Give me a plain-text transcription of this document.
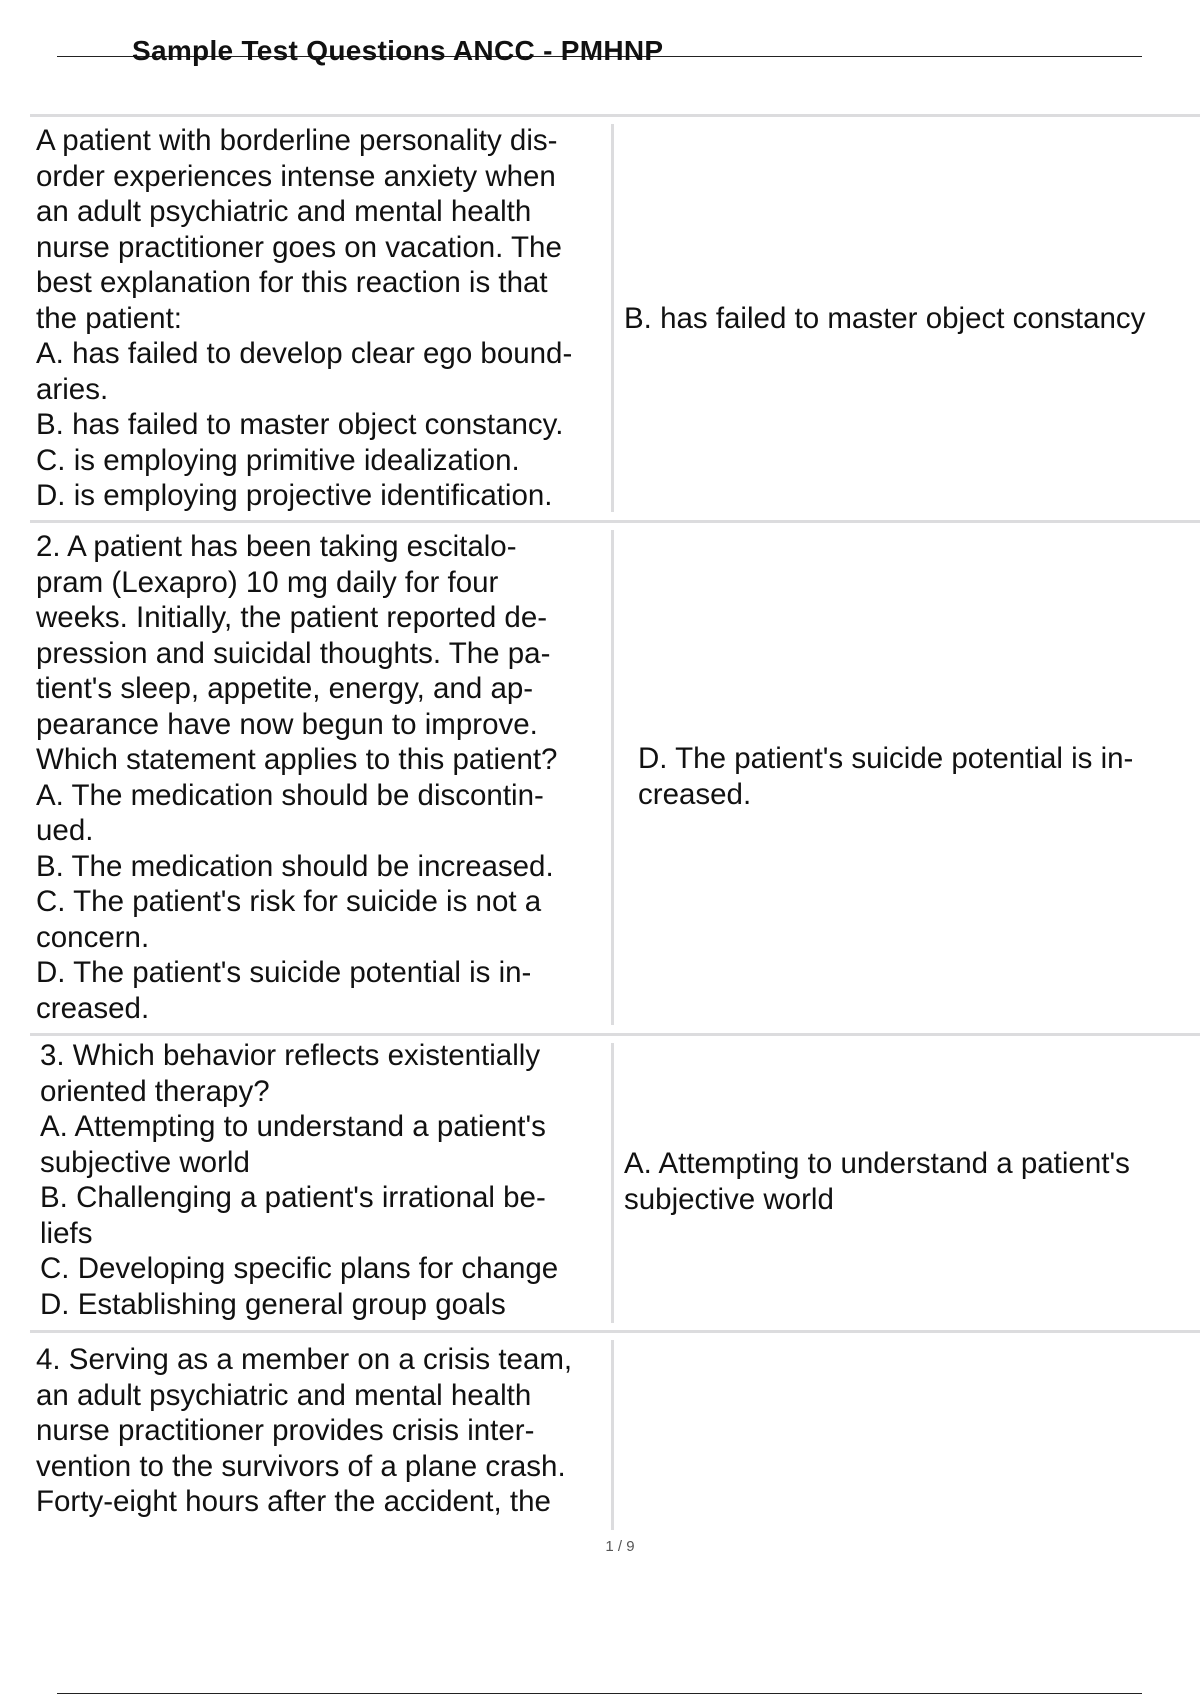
Sample Test Questions ANCC - PMHNP
A patient with borderline personality dis-
order experiences intense anxiety when
an adult psychiatric and mental health
nurse practitioner goes on vacation. The
best explanation for this reaction is that
the patient:
A. has failed to develop clear ego bound-
aries.
B. has failed to master object constancy.
C. is employing primitive idealization.
D. is employing projective identification.
B. has failed to master object constancy
2. A patient has been taking escitalo-
pram (Lexapro) 10 mg daily for four
weeks. Initially, the patient reported de-
pression and suicidal thoughts. The pa-
tient's sleep, appetite, energy, and ap-
pearance have now begun to improve.
Which statement applies to this patient?
A. The medication should be discontin-
ued.
B. The medication should be increased.
C. The patient's risk for suicide is not a
concern.
D. The patient's suicide potential is in-
creased.
D. The patient's suicide potential is in-
creased.
3. Which behavior reflects existentially
oriented therapy?
A. Attempting to understand a patient's
subjective world
B. Challenging a patient's irrational be-
liefs
C. Developing specific plans for change
D. Establishing general group goals
A. Attempting to understand a patient's
subjective world
4. Serving as a member on a crisis team,
an adult psychiatric and mental health
nurse practitioner provides crisis inter-
vention to the survivors of a plane crash.
Forty-eight hours after the accident, the
1 / 9
